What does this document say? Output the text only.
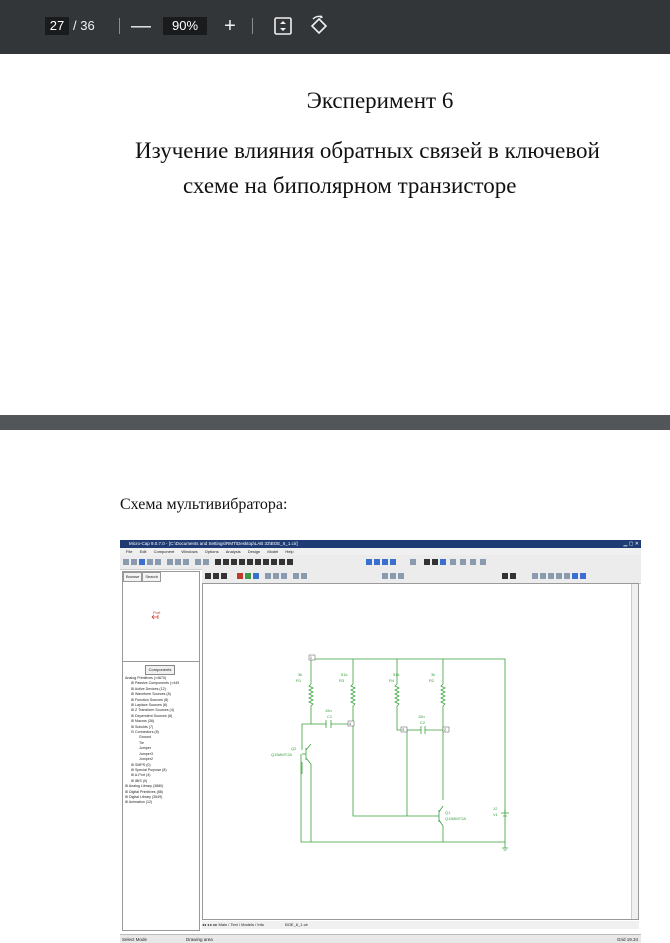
27 / 36 —	90%	+
Эксперимент 6
Изучение влияния обратных связей в ключевой
схеме на биполярном транзисторе
Схема мультивибратора:
Micro-Cap 9.0.7.0 - [C:\Documents and Settings\RMT\Desktop\LAB 33\BOE_6_1.cir]	▁ ▢ ✕
File Edit Component Windows Options Analysis Design Model Help
Browse Search
Port
Components
Analog Primitives (>4670)
⊞ Passive Components (>449
⊞ Active Devices (12)
⊞ Waveform Sources (8)
⊞ Function Sources (8)
⊞ Laplace Sources (8)
⊞ Z Transform Sources (4)
⊞ Dependent Sources (8)
⊞ Macros (36)
⊞ Subckts (7)
⊟ Connectors (8)
Ground
Tie
Jumper
Jumper3
Jumper2
⊞ SMPS (0)
⊞ Special Purpose (8)
⊞ A-Port (4)
⊞ IBIS (0)
⊞ Analog Library (3880)
⊞ Digital Primitives (88)
⊞ Digital Library (3549)
⊞ Animation (12)
1
4
3	2
3k
R1
51k
R3
51k
R4
3k
R2
15n
C1	15n
C2
Q2
Q15ИМТ2А
Q1
Q15ИМТ2А
12
V1
◂◂ ◂ ▸ ▸▸ Main / Text / Models / Info	BOE_6_1.cir
Select Mode	Drawing area	Grid 19.34
